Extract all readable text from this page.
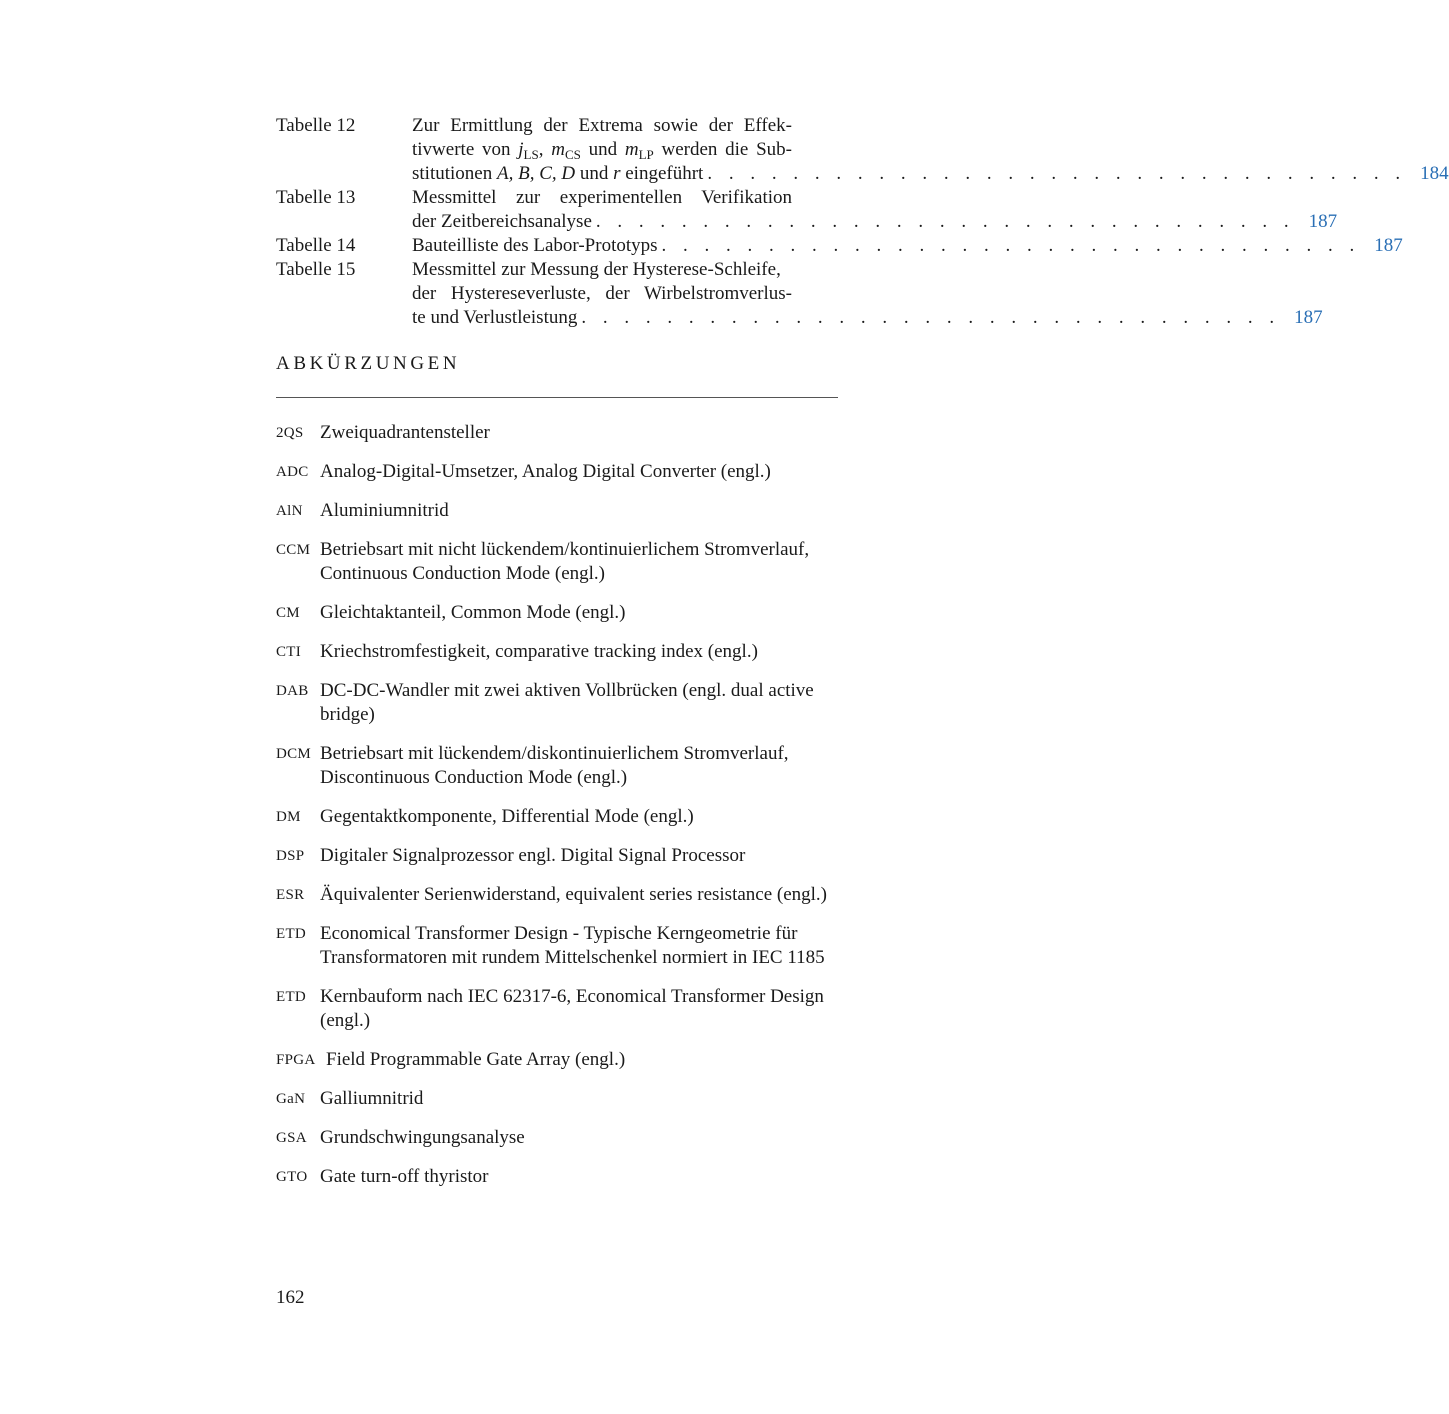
Tabelle 12	Zur Ermittlung der Extrema sowie der Effek-
tivwerte von $j_{LS}$, $m_{CS}$ und $m_{LP}$ werden die Sub-
stitutionen A, B, C, D und r eingeführt . . . . . . . . . . . . . . . . . . . . . . . . . . . . . . . . . 184
Tabelle 13	Messmittel zur experimentellen Verifikation
der Zeitbereichsanalyse . . . . . . . . . . . . . . . . . . . . . . . . . . . . . . . . . 187
Tabelle 14	Bauteilliste des Labor-Prototyps . . . . . . . . . . . . . . . . . . . . . . . . . . . . . . . . . 187
Tabelle 15	Messmittel zur Messung der Hysterese-Schleife,
der Hystereseverluste, der Wirbelstromverlus-
te und Verlustleistung . . . . . . . . . . . . . . . . . . . . . . . . . . . . . . . . . 187
ABKÜRZUNGEN
2QS Zweiquadrantensteller
ADC Analog-Digital-Umsetzer, Analog Digital Converter (engl.)
AlN Aluminiumnitrid
CCM Betriebsart mit nicht lückendem/kontinuierlichem Stromverlauf, Continuous Conduction Mode (engl.)
CM	Gleichtaktanteil, Common Mode (engl.)
CTI Kriechstromfestigkeit, comparative tracking index (engl.)
DAB DC-DC-Wandler mit zwei aktiven Vollbrücken (engl. dual active bridge)
DCM Betriebsart mit lückendem/diskontinuierlichem Stromverlauf, Discontinuous Conduction Mode (engl.)
DM	Gegentaktkomponente, Differential Mode (engl.)
DSP Digitaler Signalprozessor engl. Digital Signal Processor
ESR Äquivalenter Serienwiderstand, equivalent series resistance (engl.)
ETD Economical Transformer Design - Typische Kerngeometrie für Transformatoren mit rundem Mittelschenkel normiert in IEC 1185
ETD Kernbauform nach IEC 62317-6, Economical Transformer Design (engl.)
FPGA Field Programmable Gate Array (engl.)
GaN Galliumnitrid
GSA Grundschwingungsanalyse
GTO Gate turn-off thyristor
162
